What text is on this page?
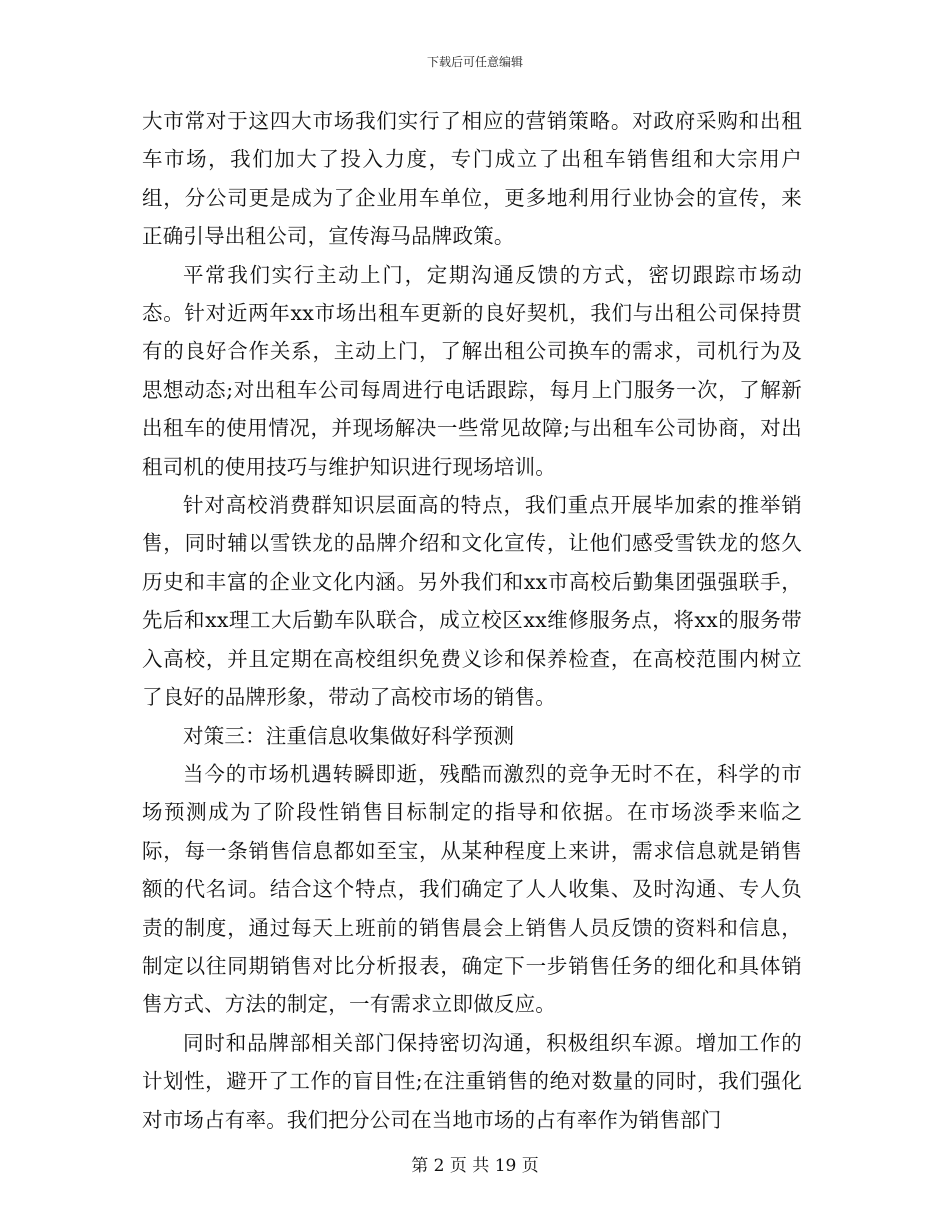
下载后可任意编辑

大市常对于这四大市场我们实行了相应的营销策略。对政府采购和出租车市场，我们加大了投入力度，专门成立了出租车销售组和大宗用户组，分公司更是成为了企业用车单位，更多地利用行业协会的宣传，来正确引导出租公司，宣传海马品牌政策。

平常我们实行主动上门，定期沟通反馈的方式，密切跟踪市场动态。针对近两年xx市场出租车更新的良好契机，我们与出租公司保持贯有的良好合作关系，主动上门，了解出租公司换车的需求，司机行为及思想动态;对出租车公司每周进行电话跟踪，每月上门服务一次，了解新出租车的使用情况，并现场解决一些常见故障;与出租车公司协商，对出租司机的使用技巧与维护知识进行现场培训。

针对高校消费群知识层面高的特点，我们重点开展毕加索的推举销售，同时辅以雪铁龙的品牌介绍和文化宣传，让他们感受雪铁龙的悠久历史和丰富的企业文化内涵。另外我们和xx市高校后勤集团强强联手，先后和xx理工大后勤车队联合，成立校区xx维修服务点，将xx的服务带入高校，并且定期在高校组织免费义诊和保养检查，在高校范围内树立了良好的品牌形象，带动了高校市场的销售。

对策三：注重信息收集做好科学预测

当今的市场机遇转瞬即逝，残酷而激烈的竞争无时不在，科学的市场预测成为了阶段性销售目标制定的指导和依据。在市场淡季来临之际，每一条销售信息都如至宝，从某种程度上来讲，需求信息就是销售额的代名词。结合这个特点，我们确定了人人收集、及时沟通、专人负责的制度，通过每天上班前的销售晨会上销售人员反馈的资料和信息，制定以往同期销售对比分析报表，确定下一步销售任务的细化和具体销售方式、方法的制定，一有需求立即做反应。

同时和品牌部相关部门保持密切沟通，积极组织车源。增加工作的计划性，避开了工作的盲目性;在注重销售的绝对数量的同时，我们强化对市场占有率。我们把分公司在当地市场的占有率作为销售部门

第 2 页 共 19 页
